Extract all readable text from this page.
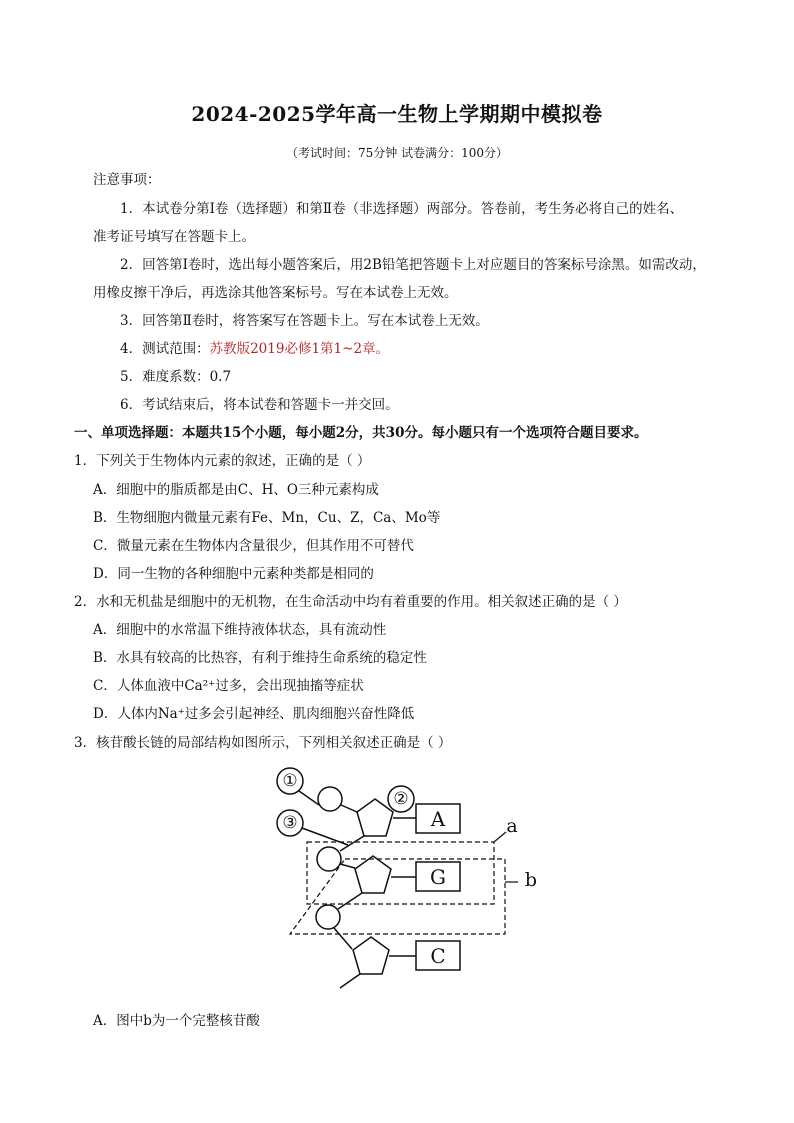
2024-2025学年高一生物上学期期中模拟卷
（考试时间：75分钟 试卷满分：100分）
注意事项：
1．本试卷分第Ⅰ卷（选择题）和第Ⅱ卷（非选择题）两部分。答卷前，考生务必将自己的姓名、
准考证号填写在答题卡上。
2．回答第Ⅰ卷时，选出每小题答案后，用2B铅笔把答题卡上对应题目的答案标号涂黑。如需改动，
用橡皮擦干净后，再选涂其他答案标号。写在本试卷上无效。
3．回答第Ⅱ卷时，将答案写在答题卡上。写在本试卷上无效。
4．测试范围：苏教版2019必修1第1~2章。
5．难度系数：0.7
6．考试结束后，将本试卷和答题卡一并交回。
一、单项选择题：本题共15个小题，每小题2分，共30分。每小题只有一个选项符合题目要求。
1．下列关于生物体内元素的叙述，正确的是（ ）
A．细胞中的脂质都是由C、H、O三种元素构成
B．生物细胞内微量元素有Fe、Mn，Cu、Z，Ca、Mo等
C．微量元素在生物体内含量很少，但其作用不可替代
D．同一生物的各种细胞中元素种类都是相同的
2．水和无机盐是细胞中的无机物，在生命活动中均有着重要的作用。相关叙述正确的是（ ）
A．细胞中的水常温下维持液体状态，具有流动性
B．水具有较高的比热容，有利于维持生命系统的稳定性
C．人体血液中Ca²⁺过多，会出现抽搐等症状
D．人体内Na⁺过多会引起神经、肌肉细胞兴奋性降低
3．核苷酸长链的局部结构如图所示，下列相关叙述正确是（ ）
①
②
③	A
G
C
a
b
A．图中b为一个完整核苷酸
